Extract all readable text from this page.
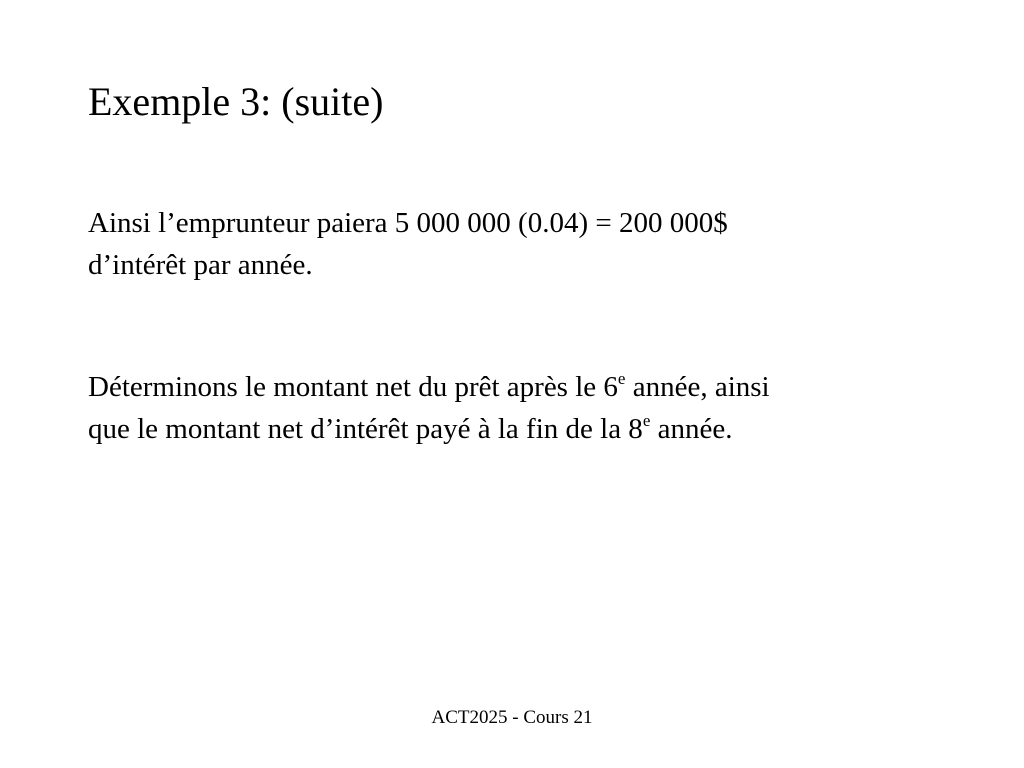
Exemple 3: (suite)

Ainsi l’emprunteur paiera 5 000 000 (0.04) = 200 000$
d’intérêt par année.

Déterminons le montant net du prêt après le 6e année, ainsi
que le montant net d’intérêt payé à la fin de la 8e année.

ACT2025 - Cours 21
